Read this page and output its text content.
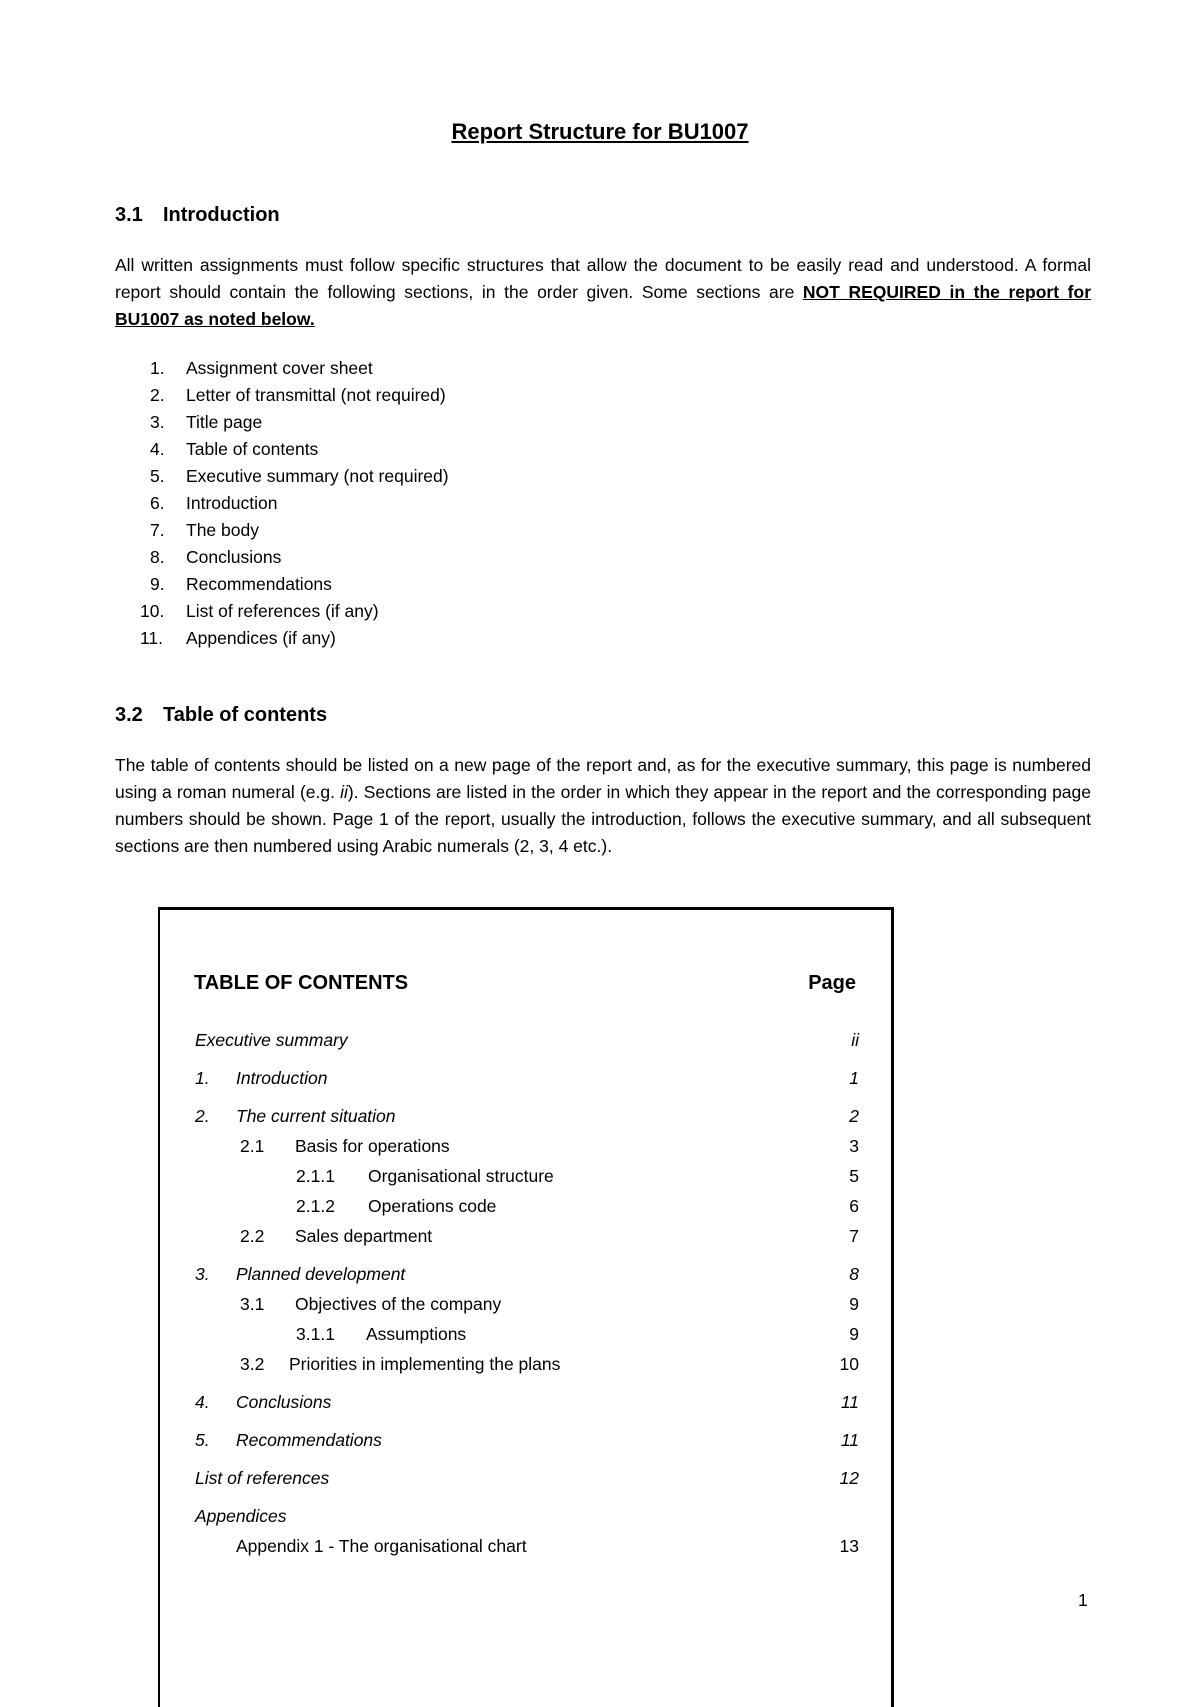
Report Structure for BU1007
3.1 Introduction

All written assignments must follow specific structures that allow the document to be easily read and understood. A formal report should contain the following sections, in the order given. Some sections are NOT REQUIRED in the report for BU1007 as noted below.

1. Assignment cover sheet
2. Letter of transmittal (not required)
3. Title page
4. Table of contents
5. Executive summary (not required)
6. Introduction
7. The body
8. Conclusions
9. Recommendations
10. List of references (if any)
11. Appendices (if any)
3.2 Table of contents

The table of contents should be listed on a new page of the report and, as for the executive summary, this page is numbered using a roman numeral (e.g. ii). Sections are listed in the order in which they appear in the report and the corresponding page numbers should be shown. Page 1 of the report, usually the introduction, follows the executive summary, and all subsequent sections are then numbered using Arabic numerals (2, 3, 4 etc.).

TABLE OF CONTENTS	Page
Executive summary	ii
1. Introduction	1
2. The current situation	2
2.1 Basis for operations	3
2.1.1 Organisational structure	5
2.1.2 Operations code	6
2.2 Sales department	7
3. Planned development	8
3.1 Objectives of the company	9
3.1.1 Assumptions	9
3.2 Priorities in implementing the plans	10
4. Conclusions	11
5. Recommendations	11
List of references	12
Appendices
Appendix 1 - The organisational chart	13
1
